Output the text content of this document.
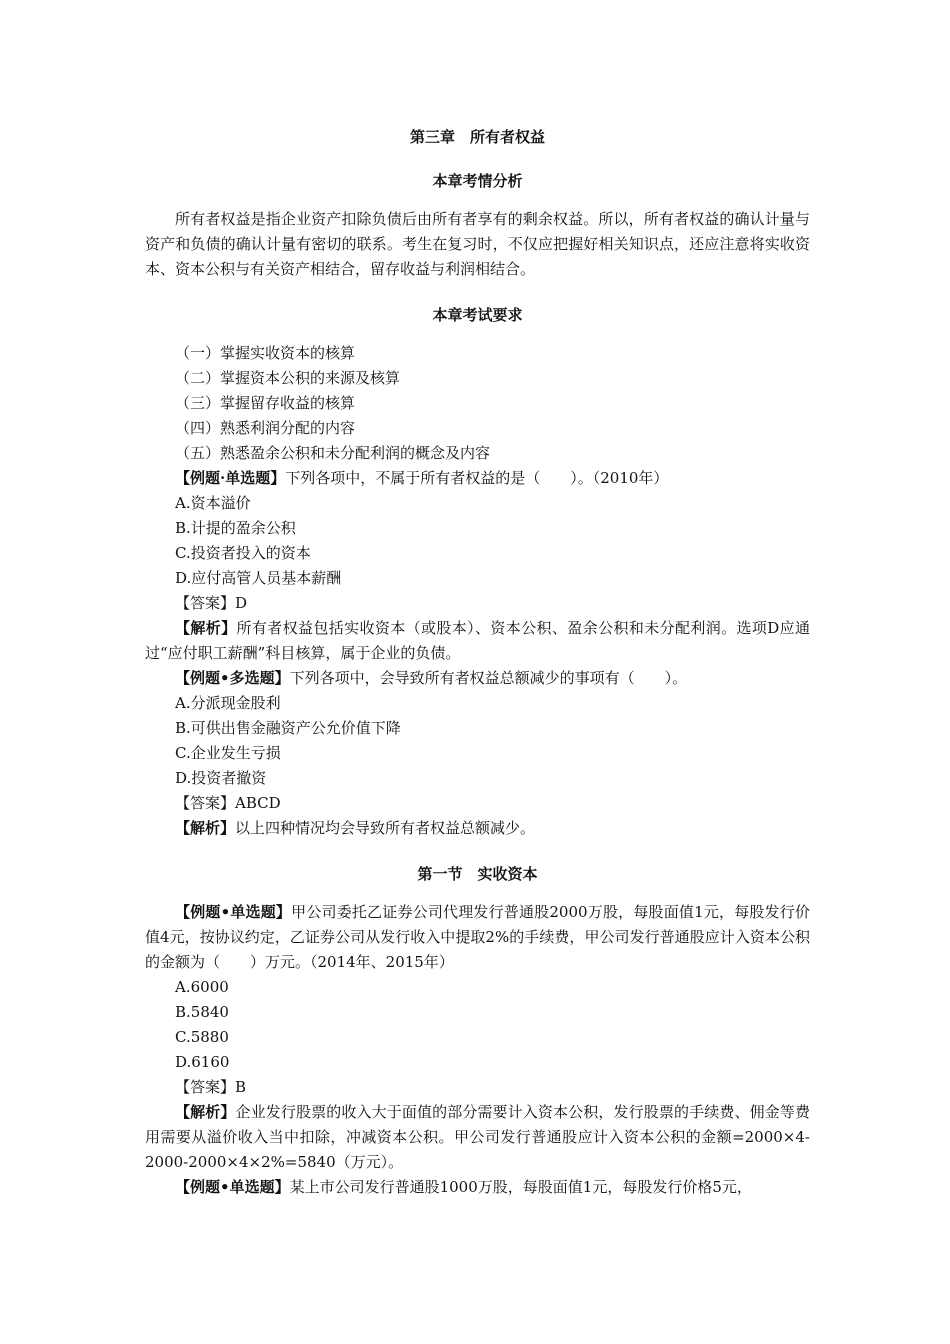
第三章　所有者权益

本章考情分析

所有者权益是指企业资产扣除负债后由所有者享有的剩余权益。所以，所有者权益的确认计量与资产和负债的确认计量有密切的联系。考生在复习时，不仅应把握好相关知识点，还应注意将实收资本、资本公积与有关资产相结合，留存收益与利润相结合。

本章考试要求

（一）掌握实收资本的核算

（二）掌握资本公积的来源及核算

（三）掌握留存收益的核算

（四）熟悉利润分配的内容

（五）熟悉盈余公积和未分配利润的概念及内容

【例题·单选题】下列各项中，不属于所有者权益的是（　　）。（2010年）

A.资本溢价

B.计提的盈余公积

C.投资者投入的资本

D.应付高管人员基本薪酬

【答案】D

【解析】所有者权益包括实收资本（或股本）、资本公积、盈余公积和未分配利润。选项D应通过“应付职工薪酬”科目核算，属于企业的负债。

【例题•多选题】下列各项中，会导致所有者权益总额减少的事项有（　　）。

A.分派现金股利

B.可供出售金融资产公允价值下降

C.企业发生亏损

D.投资者撤资

【答案】ABCD

【解析】以上四种情况均会导致所有者权益总额减少。

第一节　实收资本

【例题•单选题】甲公司委托乙证券公司代理发行普通股2000万股，每股面值1元，每股发行价值4元，按协议约定，乙证券公司从发行收入中提取2%的手续费，甲公司发行普通股应计入资本公积的金额为（　　）万元。（2014年、2015年）

A.6000

B.5840

C.5880

D.6160

【答案】B

【解析】企业发行股票的收入大于面值的部分需要计入资本公积，发行股票的手续费、佣金等费用需要从溢价收入当中扣除，冲减资本公积。甲公司发行普通股应计入资本公积的金额=2000×4-2000-2000×4×2%=5840（万元）。

【例题•单选题】某上市公司发行普通股1000万股，每股面值1元，每股发行价格5元，
